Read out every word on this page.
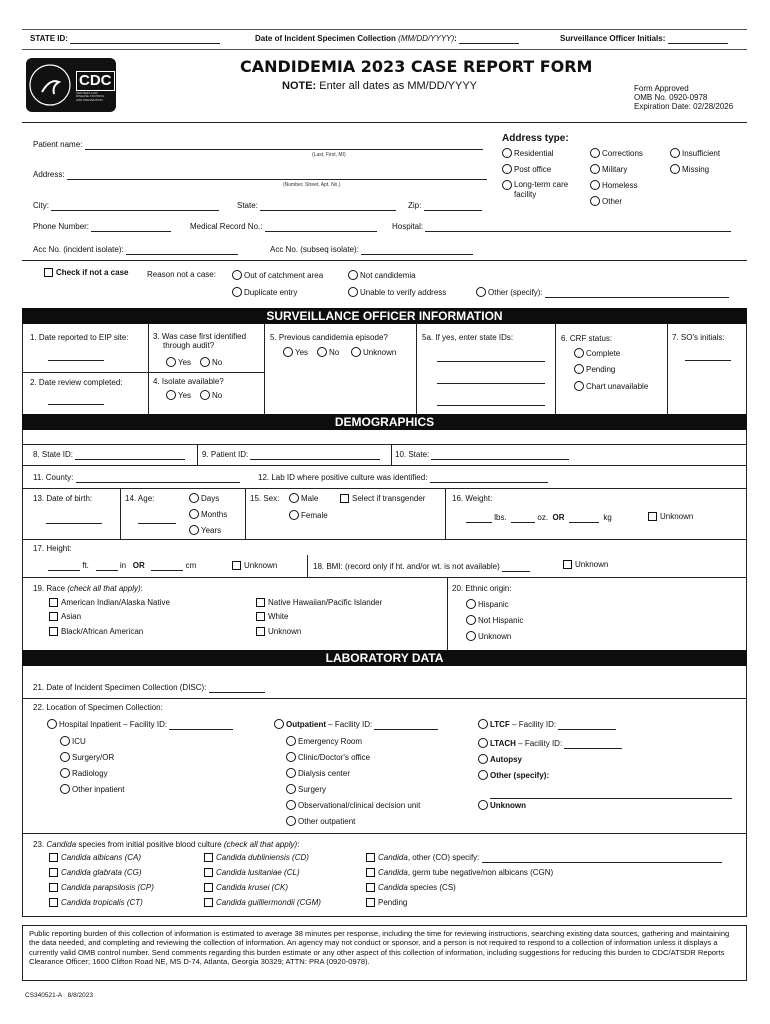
STATE ID:	Date of Incident Specimen Collection (MM/DD/YYYY):	Surveillance Officer Initials:
CDC
CENTERS FOR DISEASE CONTROL AND PREVENTION
CANDIDEMIA 2023 CASE REPORT FORM
NOTE: Enter all dates as MM/DD/YYYY	Form Approved
OMB No. 0920-0978
Expiration Date: 02/28/2026
Patient name:
(Last, First, MI)
Address:
(Number, Street, Apt. No.)
City:	State:	Zip:
Phone Number:	Medical Record No.:	Hospital:
Acc No. (incident isolate):	Acc No. (subseq isolate):
Address type:
Residential
Post office
Long-term care facility
Corrections
Military
Homeless
Other
Insufficient
Missing
Check if not a case Reason not a case:	Out of catchment area	Not candidemia
Duplicate entry	Unable to verify address	Other (specify):
SURVEILLANCE OFFICER INFORMATION
1. Date reported to EIP site:
2. Date review completed:
3. Was case first identified
through audit?
Yes	No
4. Isolate available?
Yes	No
5. Previous candidemia episode?
Yes	No	Unknown
5a. If yes, enter state IDs:	6. CRF status:
Complete
Pending
Chart unavailable
7. SO's initials:
DEMOGRAPHICS
8. State ID:	9. Patient ID:	10. State:
11. County:	12. Lab ID where positive culture was identified:
13. Date of birth:	14. Age:	Days
Months
Years
15. Sex:	Male
Female
Select if transgender	16. Weight:
lbs.	oz. OR	kg	Unknown
17. Height:
ft.	in OR	cm	Unknown	18. BMI: (record only if ht. and/or wt. is not available)	Unknown
19. Race (check all that apply):
American Indian/Alaska Native
Asian
Black/African American
Native Hawaiian/Pacific Islander
White
Unknown
20. Ethnic origin:
Hispanic
Not Hispanic
Unknown
LABORATORY DATA
21. Date of Incident Specimen Collection (DISC):
22. Location of Specimen Collection:
Hospital Inpatient – Facility ID:
ICU
Surgery/OR
Radiology
Other inpatient
Outpatient – Facility ID:
Emergency Room
Clinic/Doctor's office
Dialysis center
Surgery
Observational/clinical decision unit
Other outpatient
LTCF – Facility ID:
LTACH – Facility ID:
Autopsy
Other (specify):
Unknown
23. Candida species from initial positive blood culture (check all that apply):
Candida albicans (CA)
Candida glabrata (CG)
Candida parapsilosis (CP)
Candida tropicalis (CT)
Candida dubliniensis (CD)
Candida lusitaniae (CL)
Candida krusei (CK)
Candida guilliermondii (CGM)
Candida, other (CO) specify:
Candida, germ tube negative/non albicans (CGN)
Candida species (CS)
Pending
Public reporting burden of this collection of information is estimated to average 38 minutes per response, including the time for reviewing instructions, searching existing data sources, gathering and maintaining the data needed, and completing and reviewing the collection of information. An agency may not conduct or sponsor, and a person is not required to respond to a collection of information unless it displays a currently valid OMB control number. Send comments regarding this burden estimate or any other aspect of this collection of information, including suggestions for reducing this burden to CDC/ATSDR Reports Clearance Officer; 1600 Clifton Road NE, MS D-74, Atlanta, Georgia 30329; ATTN: PRA (0920-0978).
CS340521-A 8/8/2023
